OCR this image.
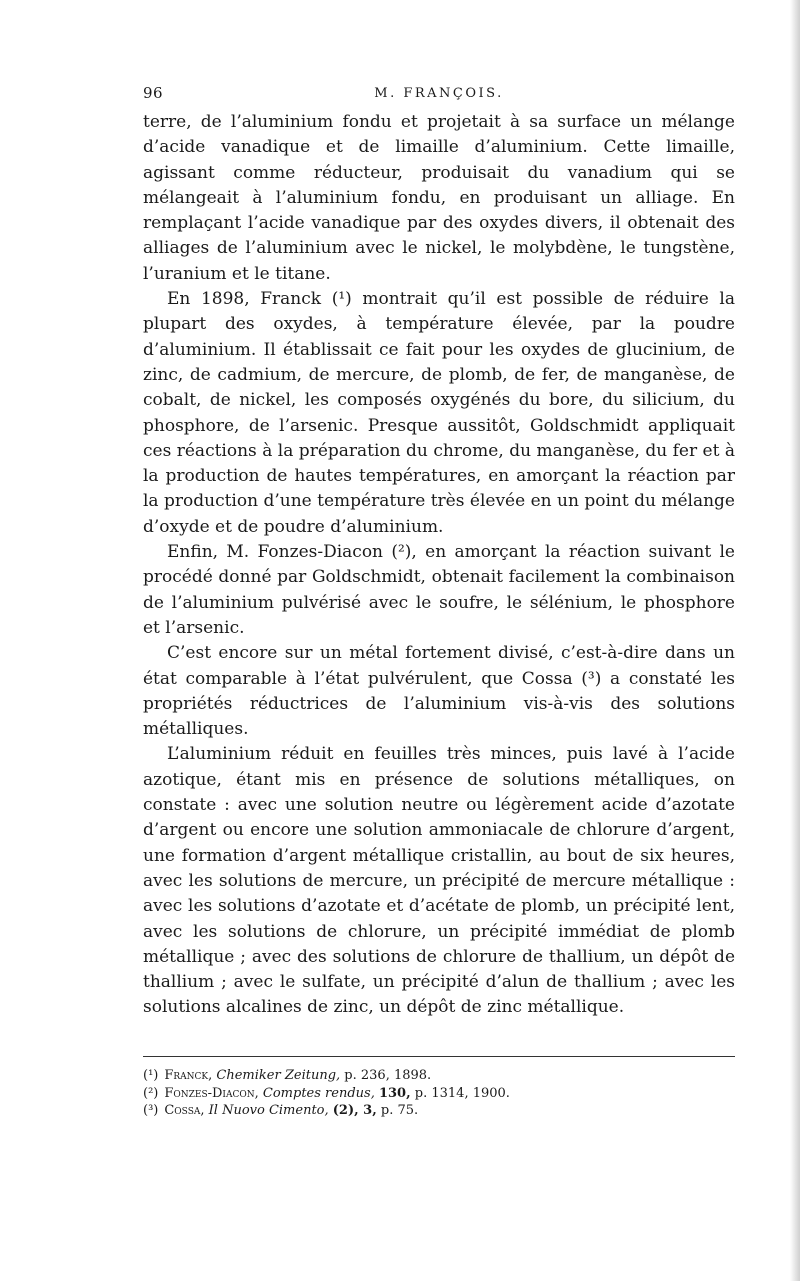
96	M. FRANÇOIS.

terre, de l’aluminium fondu et projetait à sa surface un mélange d’acide vanadique et de limaille d’aluminium. Cette limaille, agissant comme réducteur, produisait du vanadium qui se mélangeait à l’aluminium fondu, en produisant un alliage. En remplaçant l’acide vanadique par des oxydes divers, il obtenait des alliages de l’aluminium avec le nickel, le molybdène, le tungstène, l’uranium et le titane.

En 1898, Franck (¹) montrait qu’il est possible de réduire la plupart des oxydes, à température élevée, par la poudre d’aluminium. Il établissait ce fait pour les oxydes de glucinium, de zinc, de cadmium, de mercure, de plomb, de fer, de manganèse, de cobalt, de nickel, les composés oxygénés du bore, du silicium, du phosphore, de l’arsenic. Presque aussitôt, Goldschmidt appliquait ces réactions à la préparation du chrome, du manganèse, du fer et à la production de hautes températures, en amorçant la réaction par la production d’une température très élevée en un point du mélange d’oxyde et de poudre d’aluminium.

Enfin, M. Fonzes-Diacon (²), en amorçant la réaction suivant le procédé donné par Goldschmidt, obtenait facilement la combinaison de l’aluminium pulvérisé avec le soufre, le sélénium, le phosphore et l’arsenic.

C’est encore sur un métal fortement divisé, c’est-à-dire dans un état comparable à l’état pulvérulent, que Cossa (³) a constaté les propriétés réductrices de l’aluminium vis-à-vis des solutions métalliques.

L’aluminium réduit en feuilles très minces, puis lavé à l’acide azotique, étant mis en présence de solutions métalliques, on constate : avec une solution neutre ou légèrement acide d’azotate d’argent ou encore une solution ammoniacale de chlorure d’argent, une formation d’argent métallique cristallin, au bout de six heures, avec les solutions de mercure, un précipité de mercure métallique : avec les solutions d’azotate et d’acétate de plomb, un précipité lent, avec les solutions de chlorure, un précipité immédiat de plomb métallique ; avec des solutions de chlorure de thallium, un dépôt de thallium ; avec le sulfate, un précipité d’alun de thallium ; avec les solutions alcalines de zinc, un dépôt de zinc métallique.

(¹) Franck, Chemiker Zeitung, p. 236, 1898.
(²) Fonzes-Diacon, Comptes rendus, 130, p. 1314, 1900.
(³) Cossa, Il Nuovo Cimento, (2), 3, p. 75.
